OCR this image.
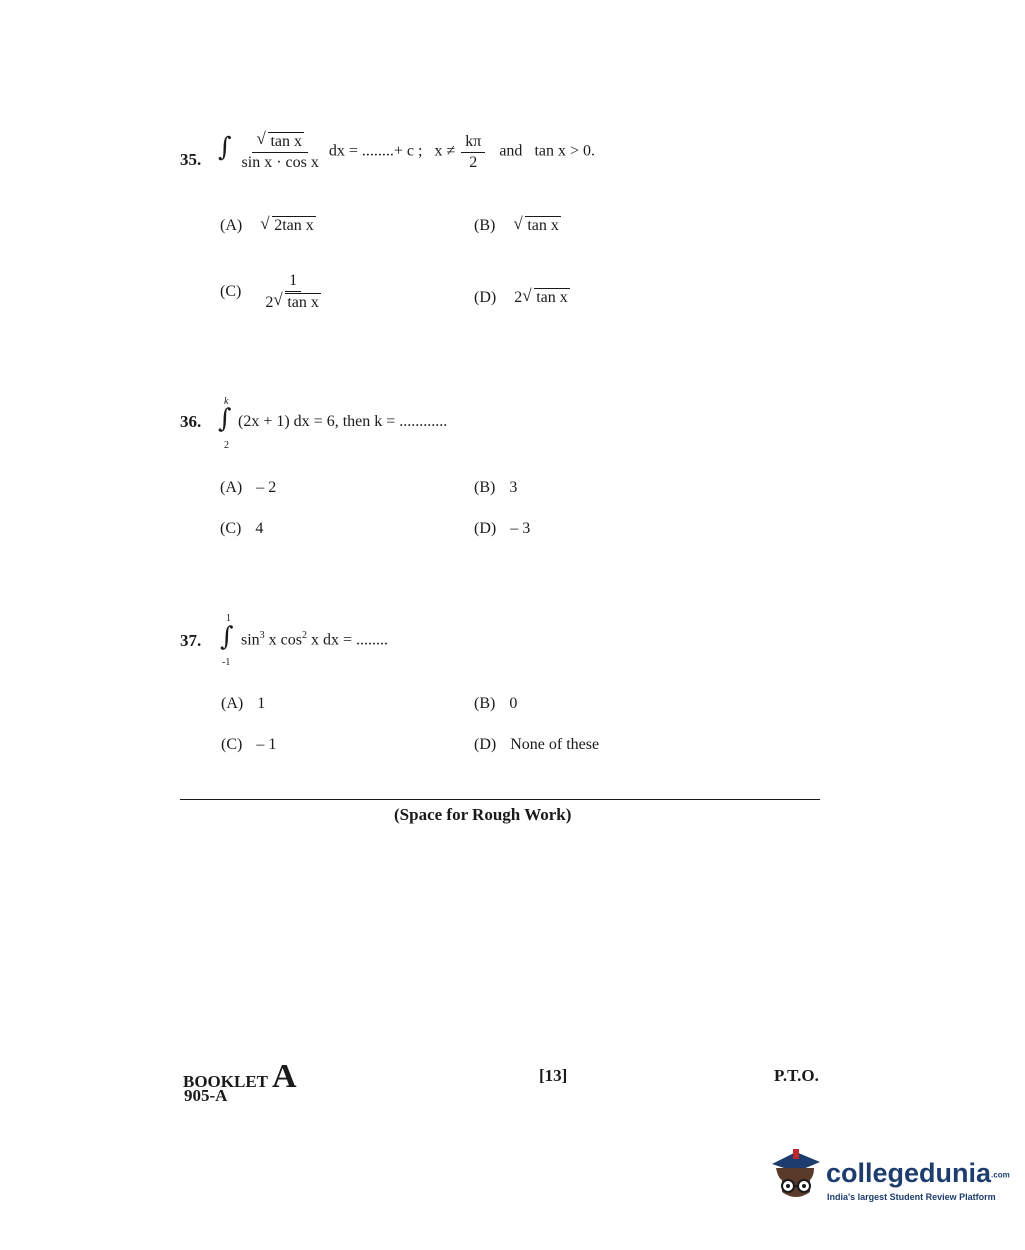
35. ∫ √ $\frac{\text{tan x}}{\text{sin x · cos x}}$ dx = ........+ c ; $x \ne \frac{k\pi}{2}$ and tan x > 0.
(A) √ 2tan x	(B) √ tan x
$(C) \frac{1}{\text{2 √ tan x}}$	(D) 2 √ tan x
36.
k
∫
2
(2x + 1) dx = 6, then k = ............
(A) – 2	(B) 3
(C) 4	(D) – 3
37.
1
∫
-1
$\sin^3 x$ $\cos^2 x$ dx = ........
(A) 1	(B) 0
(C) – 1	(D) None of these
(Space for Rough Work)
BOOKLET A
905-A
[13]	P.T.O.
collegedunia.com
India's largest Student Review Platform
